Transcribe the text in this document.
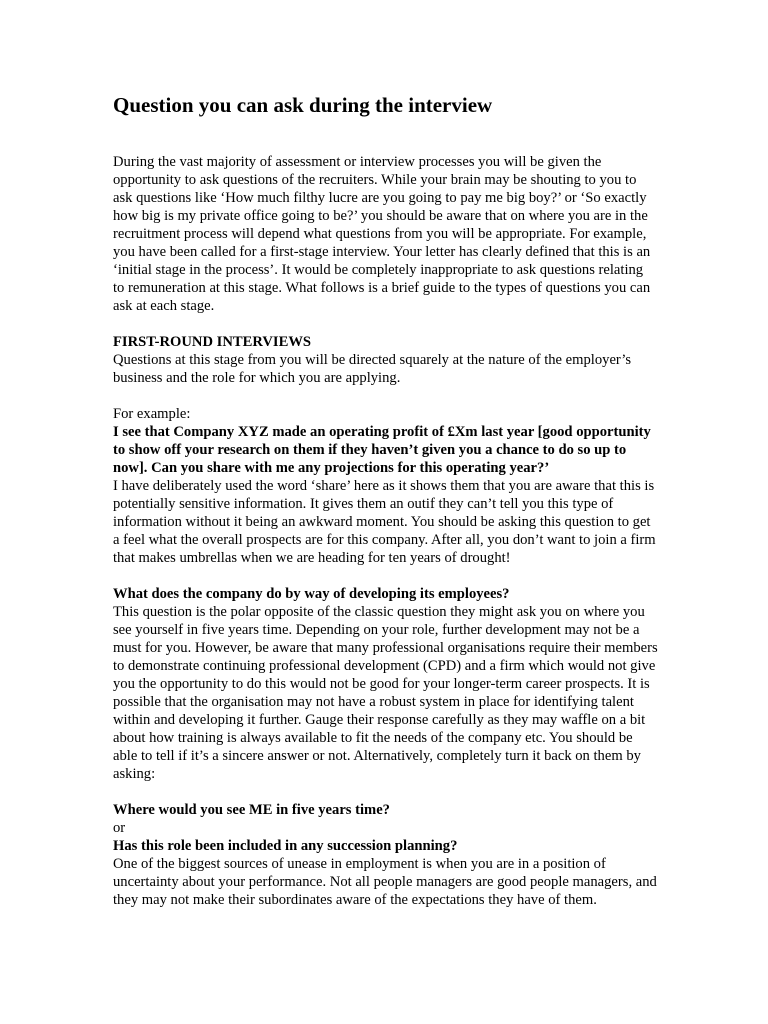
Question you can ask during the interview

During the vast majority of assessment or interview processes you will be given the opportunity to ask questions of the recruiters. While your brain may be shouting to you to ask questions like ‘How much filthy lucre are you going to pay me big boy?’ or ‘So exactly how big is my private office going to be?’ you should be aware that on where you are in the recruitment process will depend what questions from you will be appropriate. For example, you have been called for a first-stage interview. Your letter has clearly defined that this is an ‘initial stage in the process’. It would be completely inappropriate to ask questions relating to remuneration at this stage. What follows is a brief guide to the types of questions you can ask at each stage.

FIRST-ROUND INTERVIEWS

Questions at this stage from you will be directed squarely at the nature of the employer’s business and the role for which you are applying.

For example:

I see that Company XYZ made an operating profit of £Xm last year [good opportunity to show off your research on them if they haven’t given you a chance to do so up to now]. Can you share with me any projections for this operating year?’

I have deliberately used the word ‘share’ here as it shows them that you are aware that this is potentially sensitive information. It gives them an outif they can’t tell you this type of information without it being an awkward moment. You should be asking this question to get a feel what the overall prospects are for this company. After all, you don’t want to join a firm that makes umbrellas when we are heading for ten years of drought!

What does the company do by way of developing its employees?

This question is the polar opposite of the classic question they might ask you on where you see yourself in five years time. Depending on your role, further development may not be a must for you. However, be aware that many professional organisations require their members to demonstrate continuing professional development (CPD) and a firm which would not give you the opportunity to do this would not be good for your longer-term career prospects. It is possible that the organisation may not have a robust system in place for identifying talent within and developing it further. Gauge their response carefully as they may waffle on a bit about how training is always available to fit the needs of the company etc. You should be able to tell if it’s a sincere answer or not. Alternatively, completely turn it back on them by asking:

Where would you see ME in five years time?

or

Has this role been included in any succession planning?

One of the biggest sources of unease in employment is when you are in a position of uncertainty about your performance. Not all people managers are good people managers, and they may not make their subordinates aware of the expectations they have of them.
